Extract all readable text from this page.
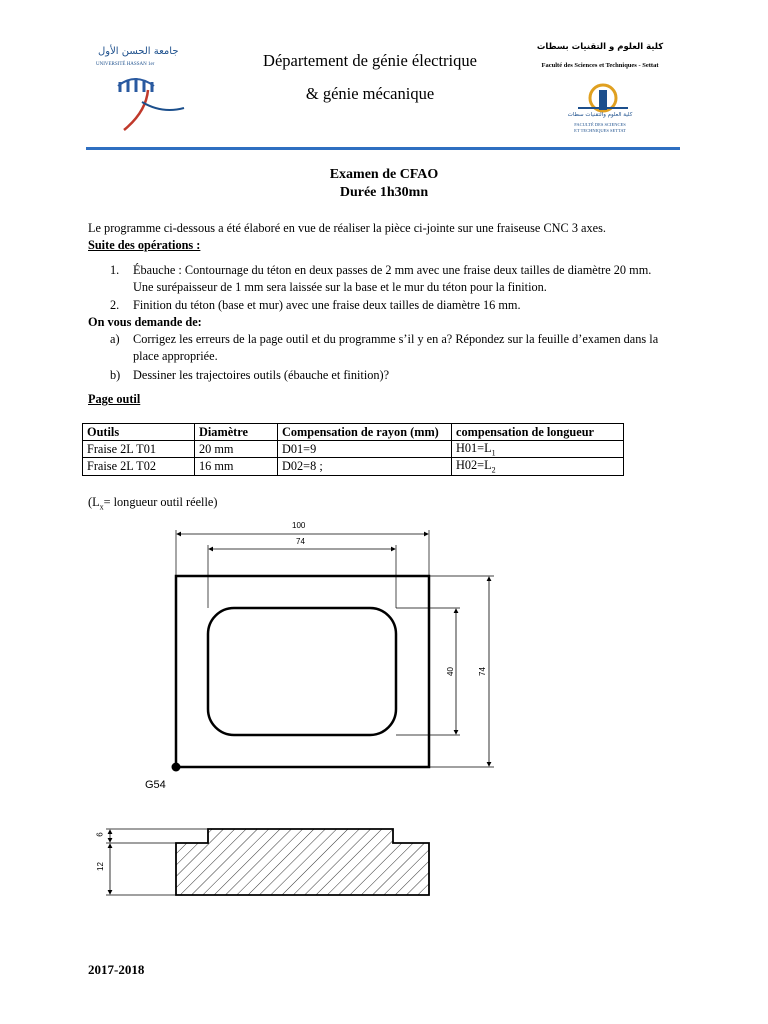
جامعة الحسن الأول
UNIVERSITÉ HASSAN 1er	Département de génie électrique
& génie mécanique
كلية العلوم و التقنيات بسطات
Faculté des Sciences et Techniques - Settat
كلية العلوم والتقنيات سطات
FACULTÉ DES SCIENCES
ET TECHNIQUES SETTAT
Examen de CFAO
Durée 1h30mn
Le programme ci-dessous a été élaboré en vue de réaliser la pièce ci-jointe sur une fraiseuse CNC 3 axes.
Suite des opérations :
1. Ébauche : Contournage du téton en deux passes de 2 mm avec une fraise deux tailles de diamètre 20 mm.
Une surépaisseur de 1 mm sera laissée sur la base et le mur du téton pour la finition.
2. Finition du téton (base et mur) avec une fraise deux tailles de diamètre 16 mm.
On vous demande de:
a) Corrigez les erreurs de la page outil et du programme s’il y en a? Répondez sur la feuille d’examen dans la
place appropriée.
b) Dessiner les trajectoires outils (ébauche et finition)?
Page outil
Outils	Diamètre	Compensation de rayon (mm)	compensation de longueur
Fraise 2L T01	20 mm	D01=9	$H01=L_1$
Fraise 2L T02	16 mm	D02=8 ;	$H02=L_2$
($L_x=$ longueur outil réelle)
100
74
40	74
G54
6
12
2017-2018
